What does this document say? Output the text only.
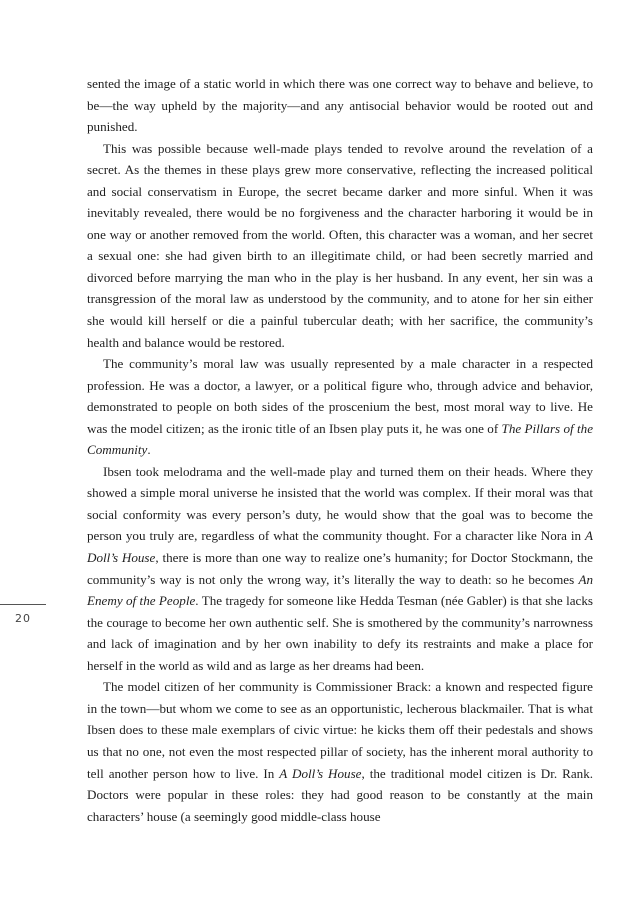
sented the image of a static world in which there was one correct way to behave and believe, to be—the way upheld by the majority—and any antisocial behavior would be rooted out and punished.

This was possible because well-made plays tended to revolve around the revelation of a secret. As the themes in these plays grew more conservative, reflecting the increased political and social conservatism in Europe, the secret became darker and more sinful. When it was inevitably revealed, there would be no forgiveness and the character harboring it would be in one way or another removed from the world. Often, this character was a woman, and her secret a sexual one: she had given birth to an illegitimate child, or had been secretly married and divorced before marrying the man who in the play is her husband. In any event, her sin was a transgression of the moral law as understood by the community, and to atone for her sin either she would kill herself or die a painful tubercular death; with her sacrifice, the community’s health and balance would be restored.

The community’s moral law was usually represented by a male character in a respected profession. He was a doctor, a lawyer, or a political figure who, through advice and behavior, demonstrated to people on both sides of the proscenium the best, most moral way to live. He was the model citizen; as the ironic title of an Ibsen play puts it, he was one of The Pillars of the Community.

Ibsen took melodrama and the well-made play and turned them on their heads. Where they showed a simple moral universe he insisted that the world was complex. If their moral was that social conformity was every person’s duty, he would show that the goal was to become the person you truly are, regardless of what the community thought. For a character like Nora in A Doll’s House, there is more than one way to realize one’s humanity; for Doctor Stockmann, the community’s way is not only the wrong way, it’s literally the way to death: so he becomes An Enemy of the People. The tragedy for someone like Hedda Tesman (née Gabler) is that she lacks the courage to become her own authentic self. She is smothered by the community’s narrowness and lack of imagination and by her own inability to defy its restraints and make a place for herself in the world as wild and as large as her dreams had been.

The model citizen of her community is Commissioner Brack: a known and respected figure in the town—but whom we come to see as an opportunistic, lecherous blackmailer. That is what Ibsen does to these male exemplars of civic virtue: he kicks them off their pedestals and shows us that no one, not even the most respected pillar of society, has the inherent moral authority to tell another person how to live. In A Doll’s House, the traditional model citizen is Dr. Rank. Doctors were popular in these roles: they had good reason to be constantly at the main characters’ house (a seemingly good middle-class house

20
